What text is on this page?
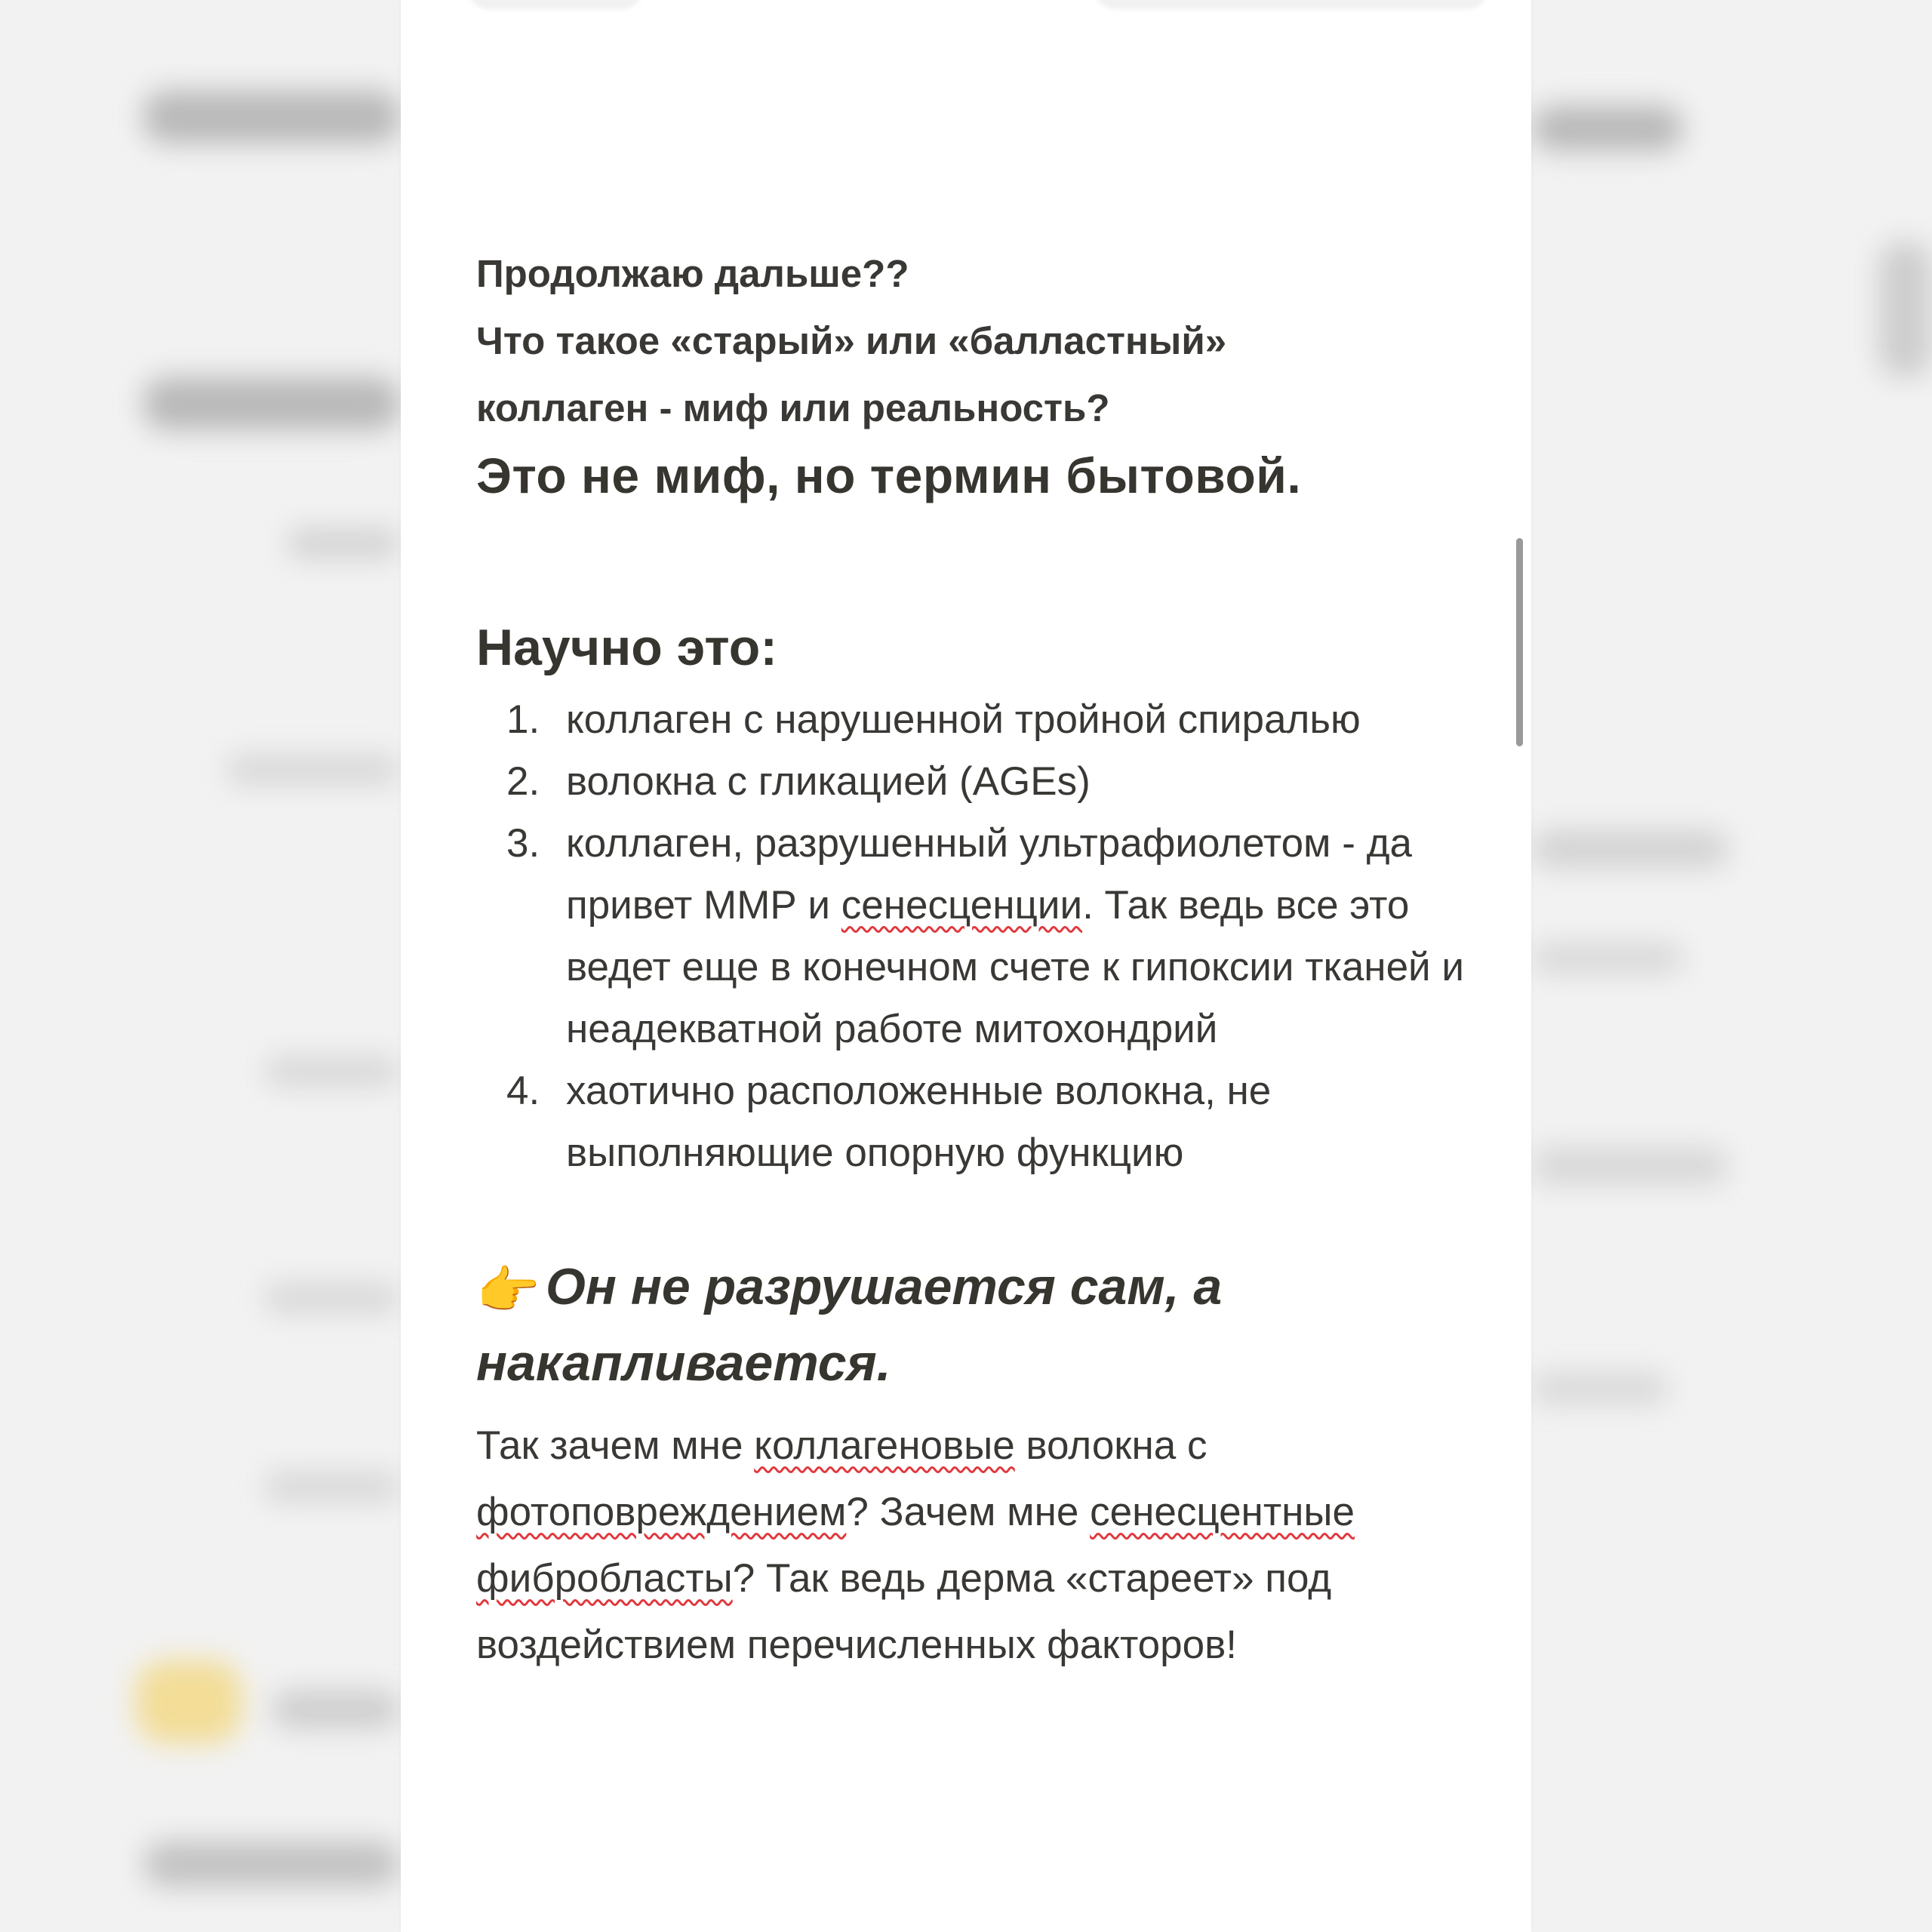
Продолжаю дальше??

Что такое «старый» или «балластный»

коллаген - миф или реальность?

Это не миф, но термин бытовой.

Научно это:
1. коллаген с нарушенной тройной спиралью
2. волокна с гликацией (AGEs)
3. коллаген, разрушенный ультрафиолетом - да привет ММР и сенесценции. Так ведь все это ведет еще в конечном счете к гипоксии тканей и неадекватной работе митохондрий
4. хаотично расположенные волокна, не выполняющие опорную функцию
👉 Он не разрушается сам, а накапливается.

Так зачем мне коллагеновые волокна с фотоповреждением? Зачем мне сенесцентные фибробласты? Так ведь дерма «стареет» под воздействием перечисленных факторов!
